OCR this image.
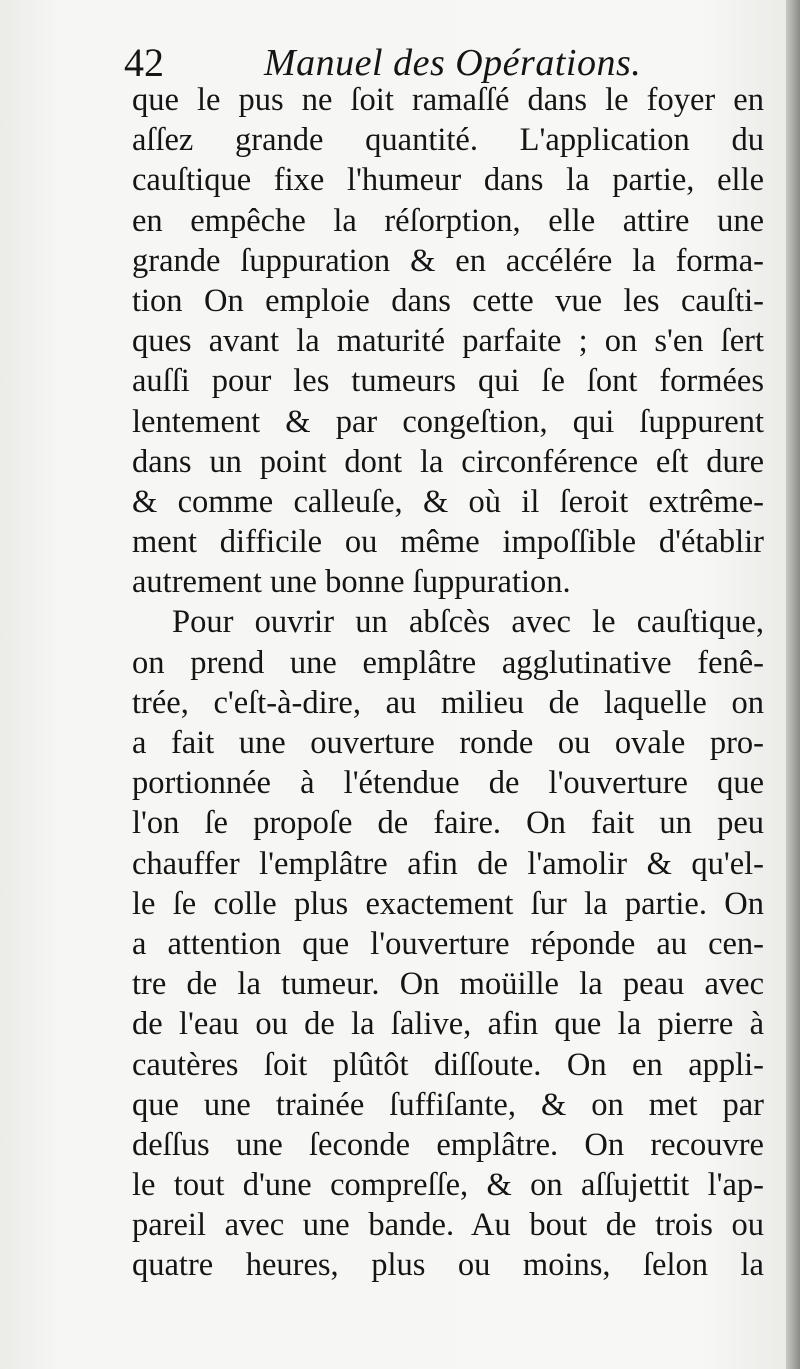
42	Manuel des Opérations.
que le pus ne ſoit ramaſſé dans le foyer en
aſſez grande quantité. L'application du
cauſtique fixe l'humeur dans la partie, elle
en empêche la réſorption, elle attire une
grande ſuppuration & en accélére la forma-
tion On emploie dans cette vue les cauſti-
ques avant la maturité parfaite ; on s'en ſert
auſſi pour les tumeurs qui ſe ſont formées
lentement & par congeſtion, qui ſuppurent
dans un point dont la circonférence eſt dure
& comme calleuſe, & où il ſeroit extrême-
ment difficile ou même impoſſible d'établir
autrement une bonne ſuppuration.
Pour ouvrir un abſcès avec le cauſtique,
on prend une emplâtre agglutinative fenê-
trée, c'eſt-à-dire, au milieu de laquelle on
a fait une ouverture ronde ou ovale pro-
portionnée à l'étendue de l'ouverture que
l'on ſe propoſe de faire. On fait un peu
chauffer l'emplâtre afin de l'amolir & qu'el-
le ſe colle plus exactement ſur la partie. On
a attention que l'ouverture réponde au cen-
tre de la tumeur. On moüille la peau avec
de l'eau ou de la ſalive, afin que la pierre à
cautères ſoit plûtôt diſſoute. On en appli-
que une trainée ſuffiſante, & on met par
deſſus une ſeconde emplâtre. On recouvre
le tout d'une compreſſe, & on aſſujettit l'ap-
pareil avec une bande. Au bout de trois ou
quatre heures, plus ou moins, ſelon la
